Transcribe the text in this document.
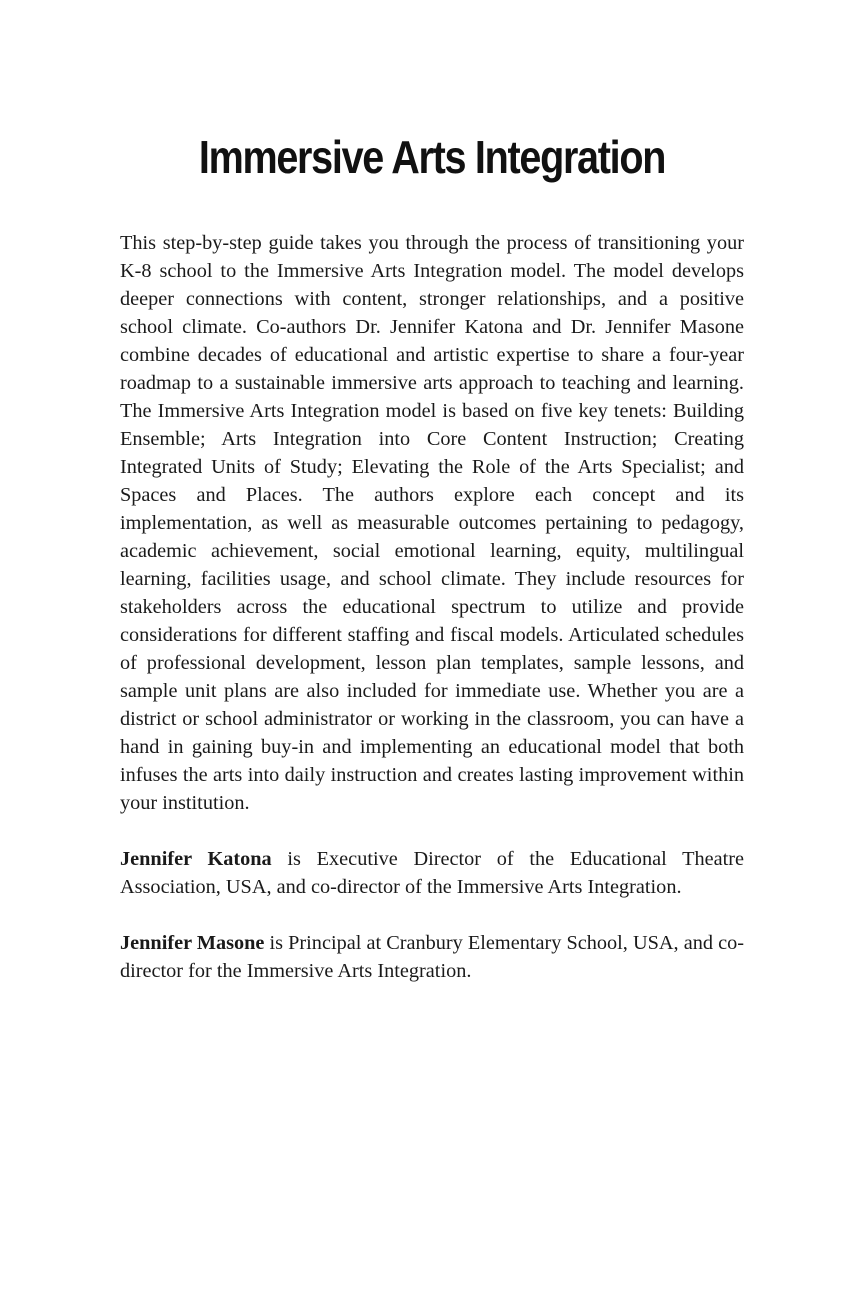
Immersive Arts Integration

This step-by-step guide takes you through the process of transitioning your K-8 school to the Immersive Arts Integration model. The model develops deeper connections with content, stronger relationships, and a positive school climate. Co-authors Dr. Jennifer Katona and Dr. Jennifer Masone combine decades of educational and artistic expertise to share a four-year roadmap to a sustainable immersive arts approach to teaching and learning. The Immersive Arts Integration model is based on five key tenets: Building Ensemble; Arts Integration into Core Content Instruction; Creating Integrated Units of Study; Elevating the Role of the Arts Specialist; and Spaces and Places. The authors explore each concept and its implementation, as well as measurable outcomes pertaining to pedagogy, academic achievement, social emotional learning, equity, multilingual learning, facilities usage, and school climate. They include resources for stakeholders across the educational spectrum to utilize and provide considerations for different staffing and fiscal models. Articulated schedules of professional development, lesson plan templates, sample lessons, and sample unit plans are also included for immediate use. Whether you are a district or school administrator or working in the classroom, you can have a hand in gaining buy-in and implementing an educational model that both infuses the arts into daily instruction and creates lasting improvement within your institution.

Jennifer Katona is Executive Director of the Educational Theatre Association, USA, and co-director of the Immersive Arts Integration.

Jennifer Masone is Principal at Cranbury Elementary School, USA, and co-director for the Immersive Arts Integration.
